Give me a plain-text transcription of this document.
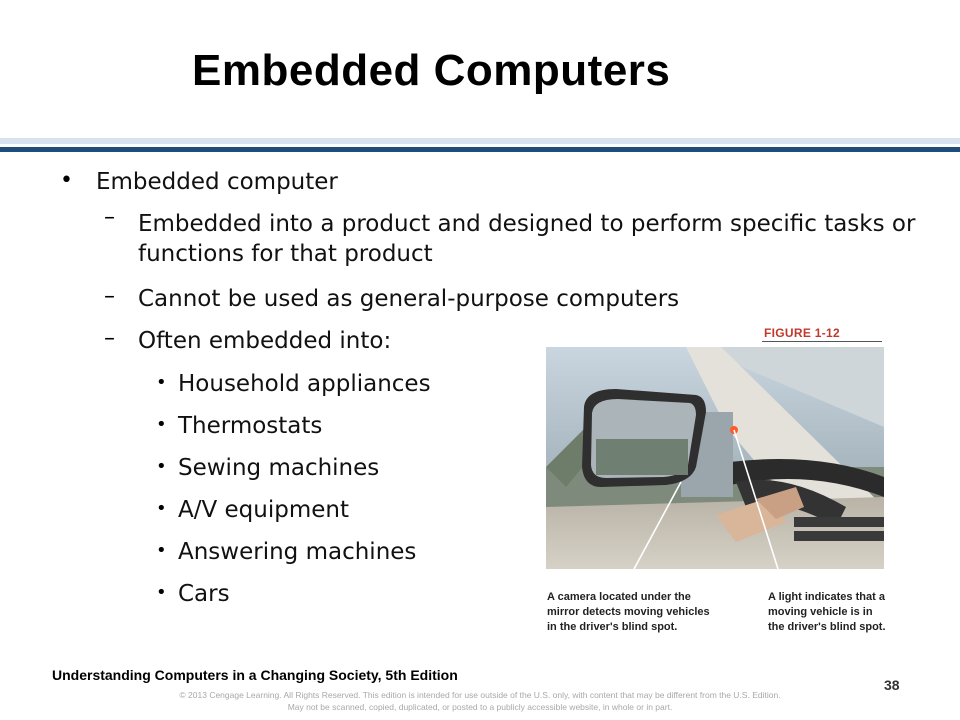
Embedded Computers
• Embedded computer
– Embedded into a product and designed to perform specific tasks or functions for that product
– Cannot be used as general-purpose computers
– Often embedded into:
• Household appliances
• Thermostats
• Sewing machines
• A/V equipment
• Answering machines
• Cars
FIGURE 1-12
A camera located under the mirror detects moving vehicles in the driver's blind spot.
A light indicates that a moving vehicle is in the driver's blind spot.
Understanding Computers in a Changing Society, 5th Edition
38
© 2013 Cengage Learning. All Rights Reserved. This edition is intended for use outside of the U.S. only, with content that may be different from the U.S. Edition.
May not be scanned, copied, duplicated, or posted to a publicly accessible website, in whole or in part.
